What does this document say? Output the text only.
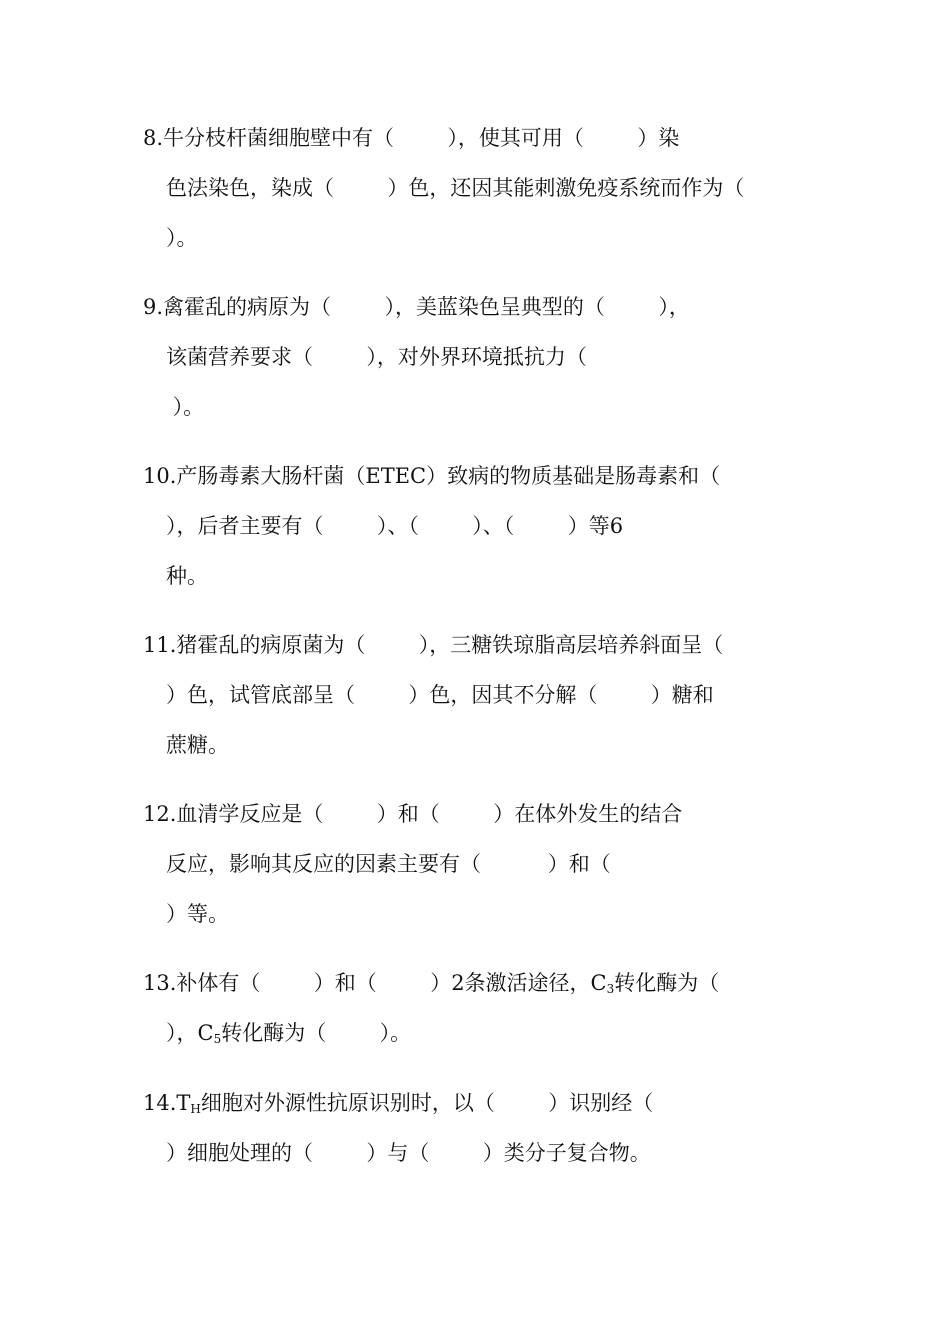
8.牛分枝杆菌细胞壁中有（        ），使其可用（        ）染

色法染色，染成（        ）色，还因其能刺激免疫系统而作为（

）。

9.禽霍乱的病原为（        ），美蓝染色呈典型的（        ），

该菌营养要求（        ），对外界环境抵抗力（

）。

10.产肠毒素大肠杆菌（ETEC）致病的物质基础是肠毒素和（

），后者主要有（        ）、（        ）、（        ）等6

种。

11.猪霍乱的病原菌为（        ），三糖铁琼脂高层培养斜面呈（

）色，试管底部呈（        ）色，因其不分解（        ）糖和

蔗糖。

12.血清学反应是（        ）和（        ）在体外发生的结合

反应，影响其反应的因素主要有（          ）和（

）等。

13.补体有（        ）和（        ）2条激活途径，$C_3$转化酶为（

），$C_5$转化酶为（        ）。

$14.T_H$细胞对外源性抗原识别时，以（        ）识别经（

）细胞处理的（        ）与（        ）类分子复合物。
